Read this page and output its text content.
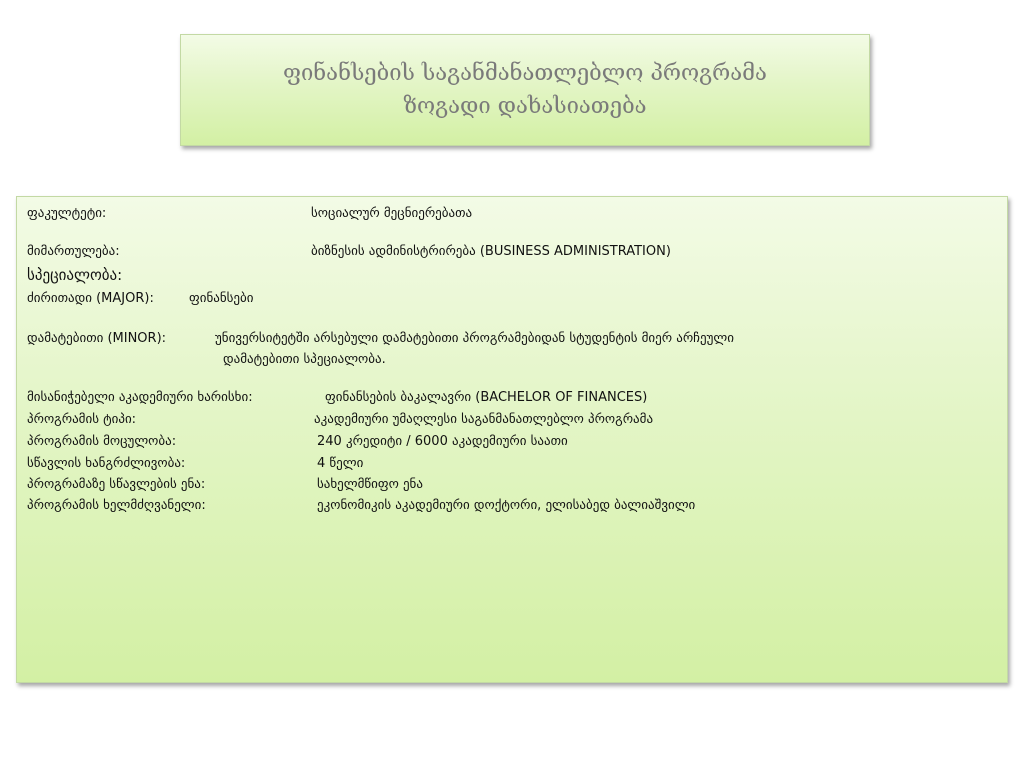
ფინანსების საგანმანათლებლო პროგრამა
ზოგადი დახასიათება
ფაკულტეტი:	სოციალურ მეცნიერებათა
მიმართულება:	ბიზნესის ადმინისტრირება (BUSINESS ADMINISTRATION)
სპეციალობა:
ძირითადი (MAJOR):	ფინანსები
დამატებითი (MINOR):	უნივერსიტეტში არსებული დამატებითი პროგრამებიდან სტუდენტის მიერ არჩეული
დამატებითი სპეციალობა.
მისანიჭებელი აკადემიური ხარისხი:	ფინანსების ბაკალავრი (BACHELOR OF FINANCES)
პროგრამის ტიპი:	აკადემიური უმაღლესი საგანმანათლებლო პროგრამა
პროგრამის მოცულობა:	240 კრედიტი / 6000 აკადემიური საათი
სწავლის ხანგრძლივობა:	4 წელი
პროგრამაზე სწავლების ენა:	სახელმწიფო ენა
პროგრამის ხელმძღვანელი:	ეკონომიკის აკადემიური დოქტორი, ელისაბედ ბალიაშვილი
